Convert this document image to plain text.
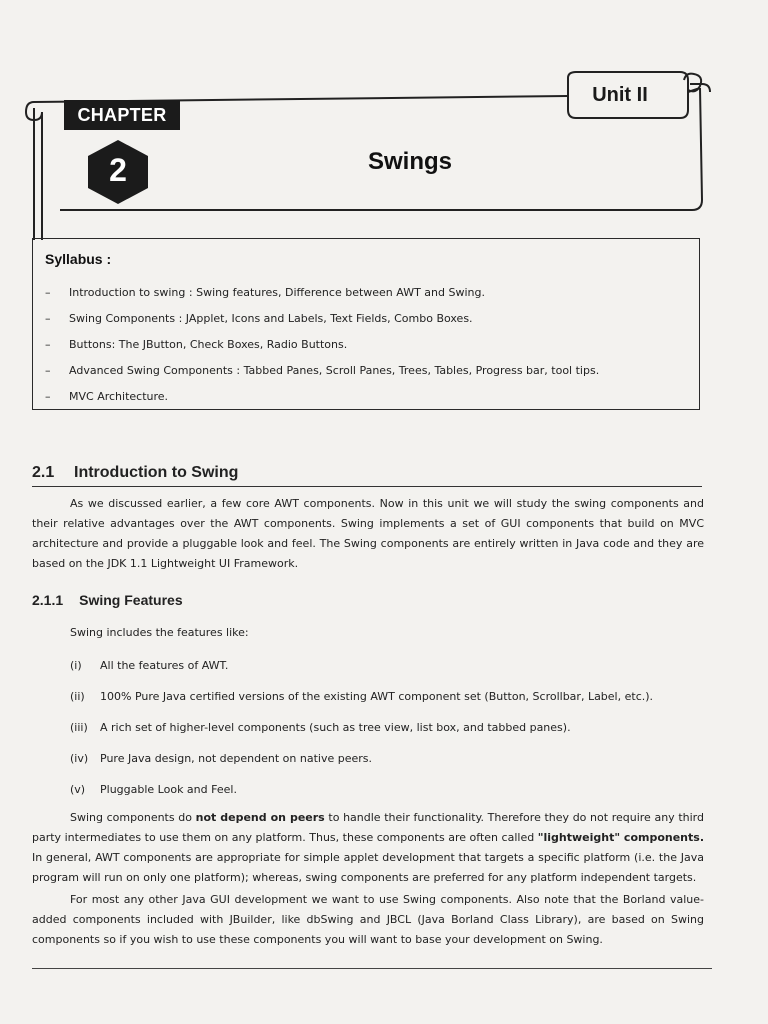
Unit II
CHAPTER
2	Swings
Syllabus :
–	Introduction to swing : Swing features, Difference between AWT and Swing.
–	Swing Components : JApplet, Icons and Labels, Text Fields, Combo Boxes.
–	Buttons: The JButton, Check Boxes, Radio Buttons.
–	Advanced Swing Components : Tabbed Panes, Scroll Panes, Trees, Tables, Progress bar, tool tips.
–	MVC Architecture.
2.1 Introduction to Swing
As we discussed earlier, a few core AWT components. Now in this unit we will study the swing components and their relative advantages over the AWT components. Swing implements a set of GUI components that build on MVC architecture and provide a pluggable look and feel. The Swing components are entirely written in Java code and they are based on the JDK 1.1 Lightweight UI Framework.
2.1.1 Swing Features
Swing includes the features like:
(i)	All the features of AWT.
(ii)	100% Pure Java certified versions of the existing AWT component set (Button, Scrollbar, Label, etc.).
(iii)	A rich set of higher-level components (such as tree view, list box, and tabbed panes).
(iv)	Pure Java design, not dependent on native peers.
(v)	Pluggable Look and Feel.
Swing components do not depend on peers to handle their functionality. Therefore they do not require any third party intermediates to use them on any platform. Thus, these components are often called "lightweight" components. In general, AWT components are appropriate for simple applet development that targets a specific platform (i.e. the Java program will run on only one platform); whereas, swing components are preferred for any platform independent targets.
For most any other Java GUI development we want to use Swing components. Also note that the Borland value-added components included with JBuilder, like dbSwing and JBCL (Java Borland Class Library), are based on Swing components so if you wish to use these components you will want to base your development on Swing.
